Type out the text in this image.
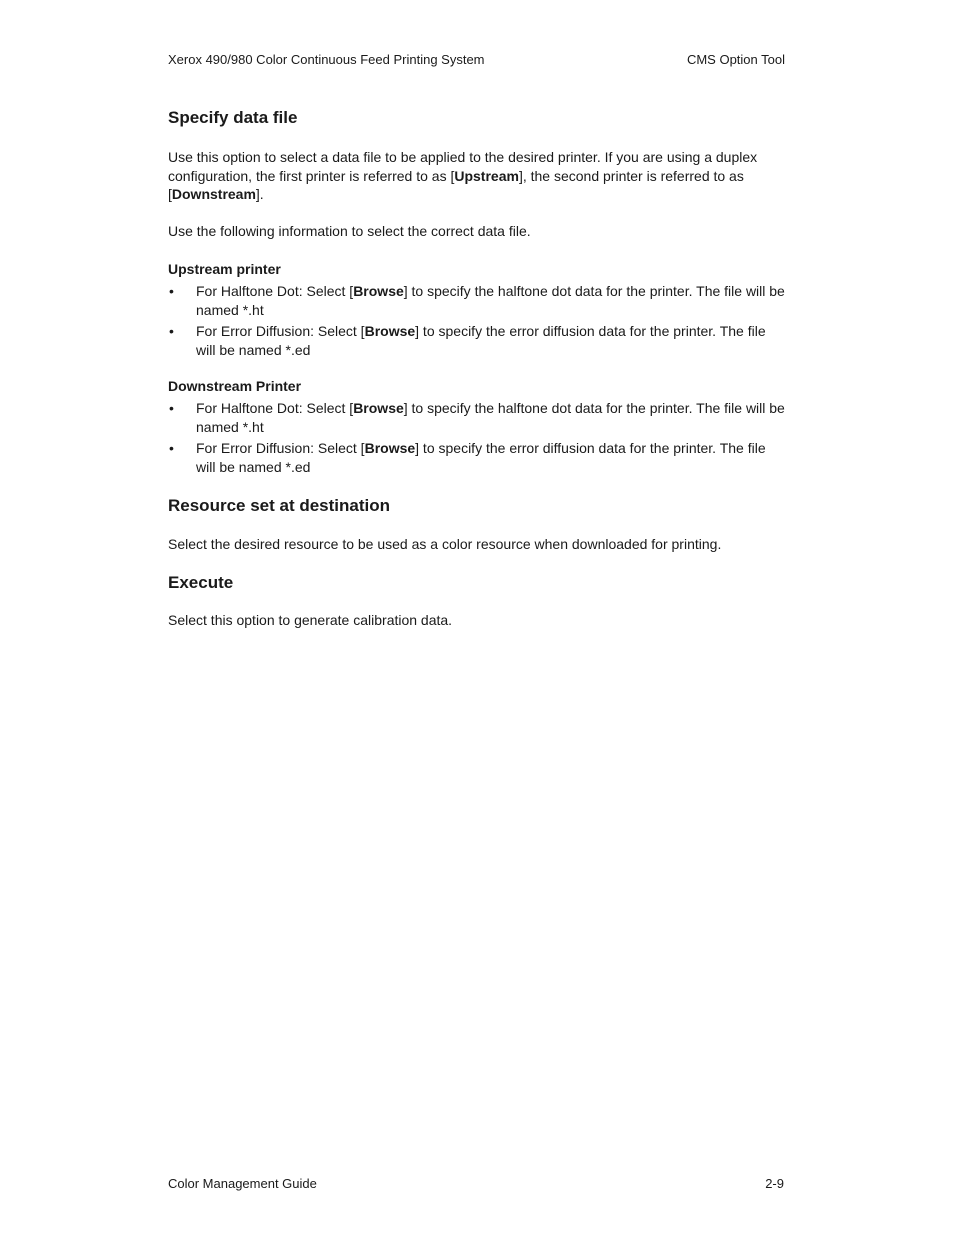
Xerox 490/980 Color Continuous Feed Printing System	CMS Option Tool
Specify data file

Use this option to select a data file to be applied to the desired printer. If you are using a duplex configuration, the first printer is referred to as [Upstream], the second printer is referred to as [Downstream].

Use the following information to select the correct data file.

Upstream printer
• For Halftone Dot: Select [Browse] to specify the halftone dot data for the printer. The file will be named *.ht
• For Error Diffusion: Select [Browse] to specify the error diffusion data for the printer. The file will be named *.ed
Downstream Printer
• For Halftone Dot: Select [Browse] to specify the halftone dot data for the printer. The file will be named *.ht
• For Error Diffusion: Select [Browse] to specify the error diffusion data for the printer. The file will be named *.ed
Resource set at destination

Select the desired resource to be used as a color resource when downloaded for printing.

Execute

Select this option to generate calibration data.

Color Management Guide	2-9
